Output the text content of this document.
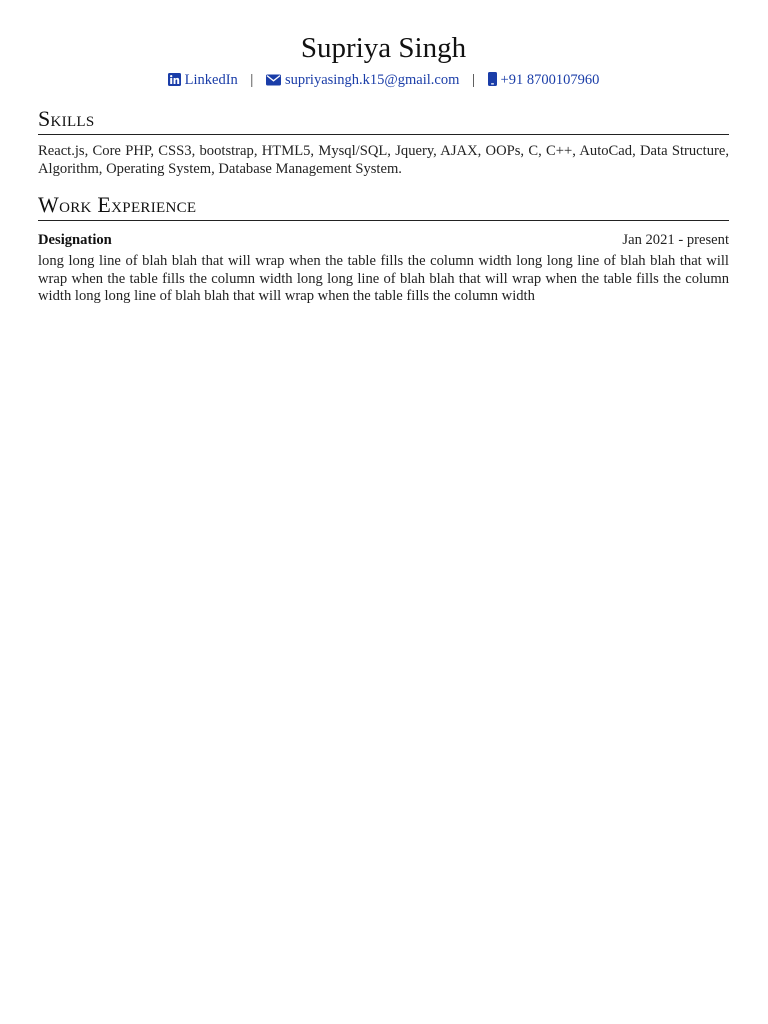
Supriya Singh
LinkedIn | supriyasingh.k15@gmail.com | +91 8700107960
Skills

React.js, Core PHP, CSS3, bootstrap, HTML5, Mysql/SQL, Jquery, AJAX, OOPs, C, C++, AutoCad, Data Structure, Algorithm, Operating System, Database Management System.

Work Experience
Designation	Jan 2021 - present

long long line of blah blah that will wrap when the table fills the column width long long line of blah blah that will wrap when the table fills the column width long long line of blah blah that will wrap when the table fills the column width long long line of blah blah that will wrap when the table fills the column width
